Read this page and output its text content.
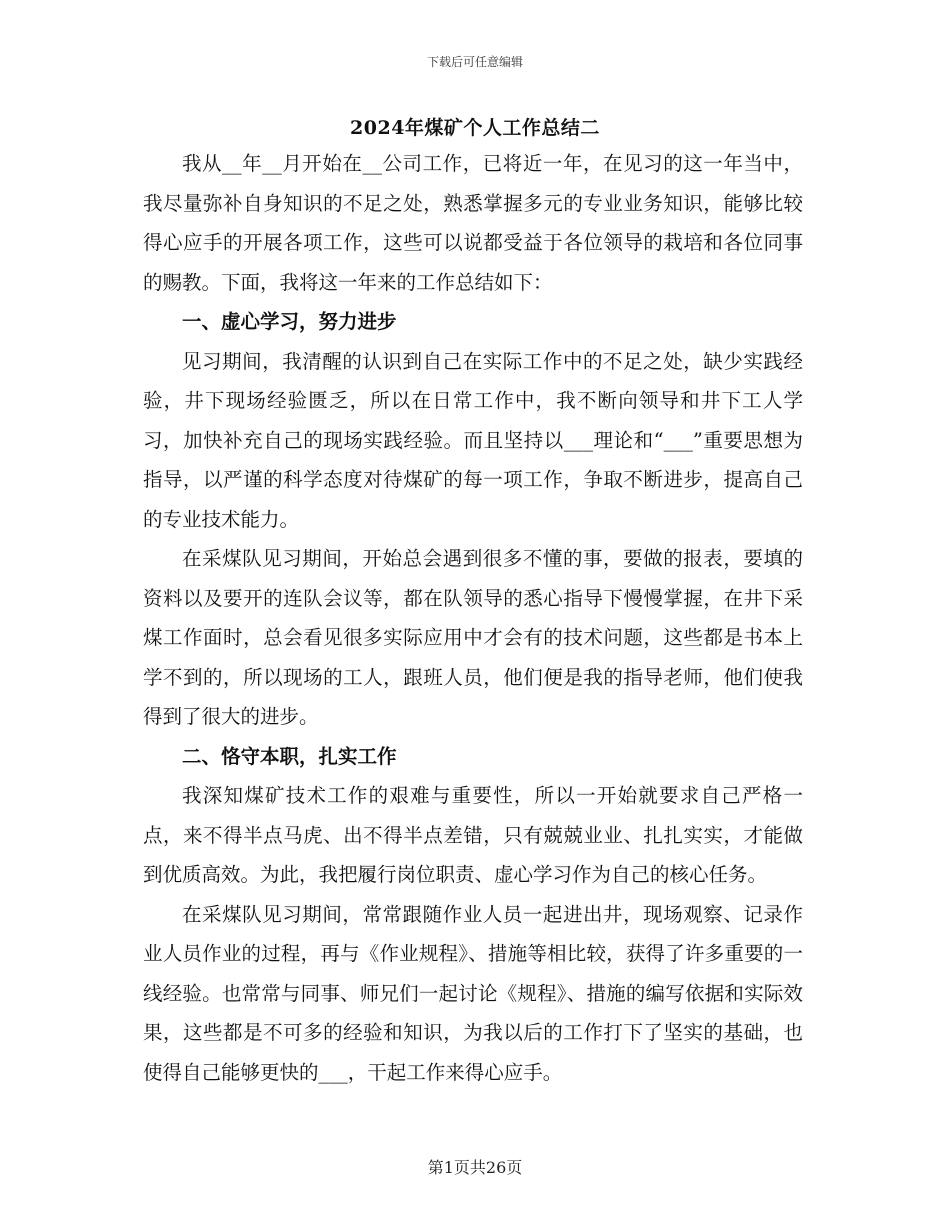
下载后可任意编辑
2024年煤矿个人工作总结二

我从__年__月开始在__公司工作，已将近一年，在见习的这一年当中，我尽量弥补自身知识的不足之处，熟悉掌握多元的专业业务知识，能够比较得心应手的开展各项工作，这些可以说都受益于各位领导的栽培和各位同事的赐教。下面，我将这一年来的工作总结如下：

一、虚心学习，努力进步

见习期间，我清醒的认识到自己在实际工作中的不足之处，缺少实践经验，井下现场经验匮乏，所以在日常工作中，我不断向领导和井下工人学习，加快补充自己的现场实践经验。而且坚持以___理论和“___”重要思想为指导，以严谨的科学态度对待煤矿的每一项工作，争取不断进步，提高自己的专业技术能力。

在采煤队见习期间，开始总会遇到很多不懂的事，要做的报表，要填的资料以及要开的连队会议等，都在队领导的悉心指导下慢慢掌握，在井下采煤工作面时，总会看见很多实际应用中才会有的技术问题，这些都是书本上学不到的，所以现场的工人，跟班人员，他们便是我的指导老师，他们使我得到了很大的进步。

二、恪守本职，扎实工作

我深知煤矿技术工作的艰难与重要性，所以一开始就要求自己严格一点，来不得半点马虎、出不得半点差错，只有兢兢业业、扎扎实实，才能做到优质高效。为此，我把履行岗位职责、虚心学习作为自己的核心任务。

在采煤队见习期间，常常跟随作业人员一起进出井，现场观察、记录作业人员作业的过程，再与《作业规程》、措施等相比较，获得了许多重要的一线经验。也常常与同事、师兄们一起讨论《规程》、措施的编写依据和实际效果，这些都是不可多的经验和知识，为我以后的工作打下了坚实的基础，也使得自己能够更快的___，干起工作来得心应手。

第1页共26页
